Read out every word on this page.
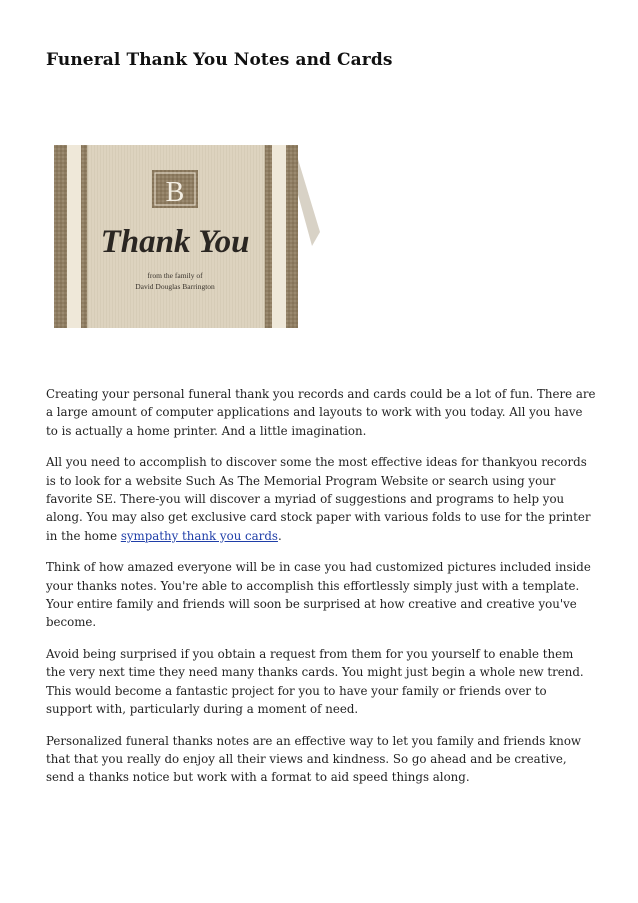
Funeral Thank You Notes and Cards
B
Thank You
from the family of
David Douglas Barrington

Creating your personal funeral thank you records and cards could be a lot of fun. There are a large amount of computer applications and layouts to work with you today. All you have to is actually a home printer. And a little imagination.

All you need to accomplish to discover some the most effective ideas for thankyou records is to look for a website Such As The Memorial Program Website or search using your favorite SE. There-you will discover a myriad of suggestions and programs to help you along. You may also get exclusive card stock paper with various folds to use for the printer in the home sympathy thank you cards.

Think of how amazed everyone will be in case you had customized pictures included inside your thanks notes. You're able to accomplish this effortlessly simply just with a template. Your entire family and friends will soon be surprised at how creative and creative you've become.

Avoid being surprised if you obtain a request from them for you yourself to enable them the very next time they need many thanks cards. You might just begin a whole new trend. This would become a fantastic project for you to have your family or friends over to support with, particularly during a moment of need.

Personalized funeral thanks notes are an effective way to let you family and friends know that that you really do enjoy all their views and kindness. So go ahead and be creative, send a thanks notice but work with a format to aid speed things along.
